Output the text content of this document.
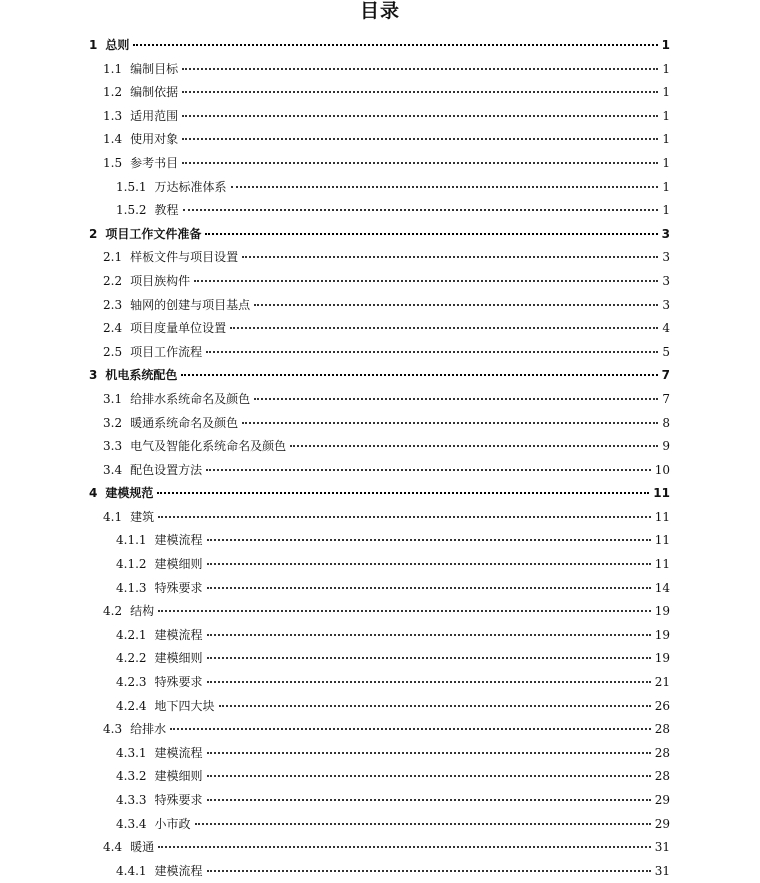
目录
1 总则	1
1.1 编制目标	1
1.2 编制依据	1
1.3 适用范围	1
1.4 使用对象	1
1.5 参考书目	1
1.5.1 万达标准体系	1
1.5.2 教程	1
2 项目工作文件准备	3
2.1 样板文件与项目设置	3
2.2 项目族构件	3
2.3 轴网的创建与项目基点	3
2.4 项目度量单位设置	4
2.5 项目工作流程	5
3 机电系统配色	7
3.1 给排水系统命名及颜色	7
3.2 暖通系统命名及颜色	8
3.3 电气及智能化系统命名及颜色	9
3.4 配色设置方法	10
4 建模规范	11
4.1 建筑	11
4.1.1 建模流程	11
4.1.2 建模细则	11
4.1.3 特殊要求	14
4.2 结构	19
4.2.1 建模流程	19
4.2.2 建模细则	19
4.2.3 特殊要求	21
4.2.4 地下四大块	26
4.3 给排水	28
4.3.1 建模流程	28
4.3.2 建模细则	28
4.3.3 特殊要求	29
4.3.4 小市政	29
4.4 暖通	31
4.4.1 建模流程	31
